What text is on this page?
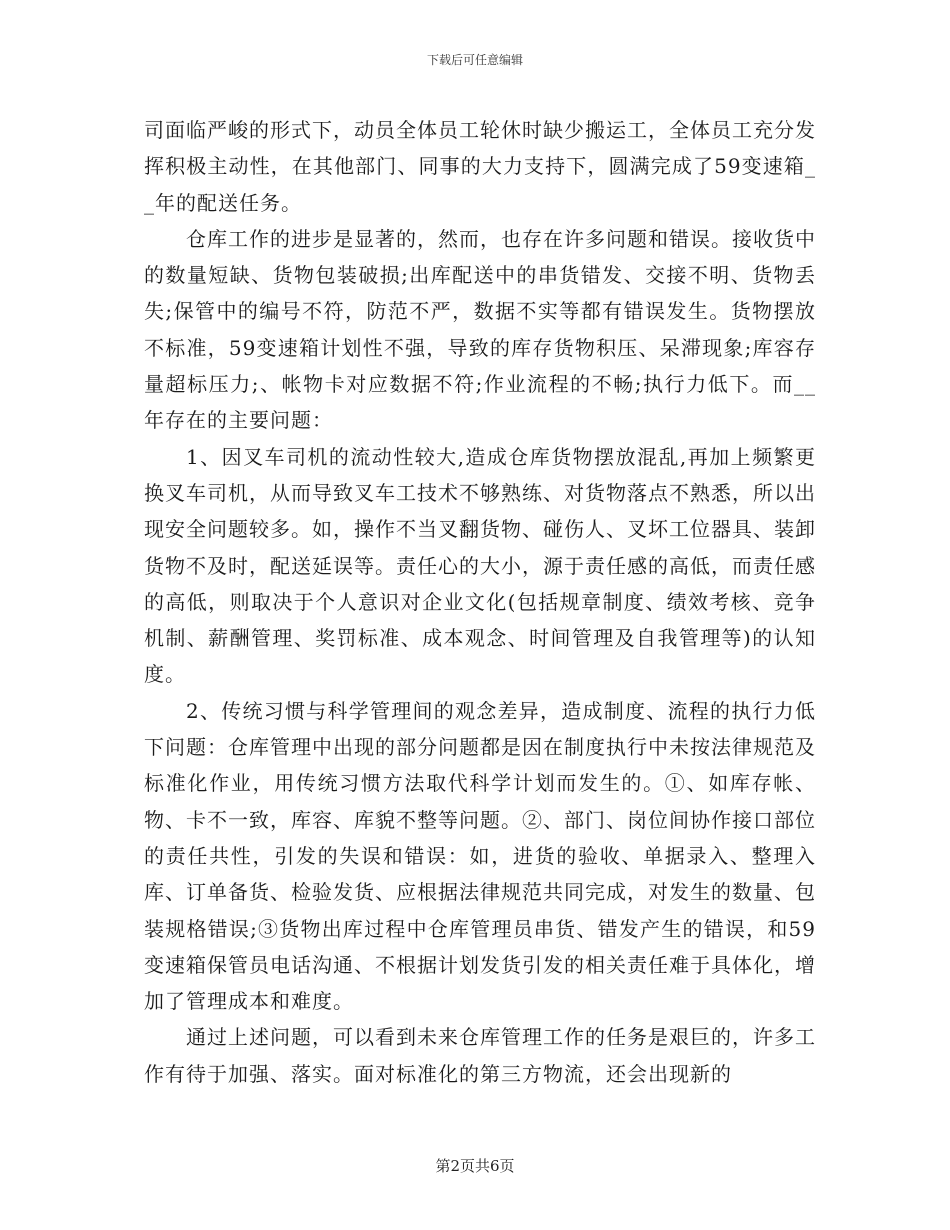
下载后可任意编辑

司面临严峻的形式下，动员全体员工轮休时缺少搬运工，全体员工充分发挥积极主动性，在其他部门、同事的大力支持下，圆满完成了59变速箱__年的配送任务。

仓库工作的进步是显著的，然而，也存在许多问题和错误。接收货中的数量短缺、货物包装破损;出库配送中的串货错发、交接不明、货物丢失;保管中的编号不符，防范不严，数据不实等都有错误发生。货物摆放不标准，59变速箱计划性不强，导致的库存货物积压、呆滞现象;库容存量超标压力;、帐物卡对应数据不符;作业流程的不畅;执行力低下。而__年存在的主要问题：

1、因叉车司机的流动性较大,造成仓库货物摆放混乱,再加上频繁更换叉车司机，从而导致叉车工技术不够熟练、对货物落点不熟悉，所以出现安全问题较多。如，操作不当叉翻货物、碰伤人、叉坏工位器具、装卸货物不及时，配送延误等。责任心的大小，源于责任感的高低，而责任感的高低，则取决于个人意识对企业文化(包括规章制度、绩效考核、竞争机制、薪酬管理、奖罚标准、成本观念、时间管理及自我管理等)的认知度。

2、传统习惯与科学管理间的观念差异，造成制度、流程的执行力低下问题：仓库管理中出现的部分问题都是因在制度执行中未按法律规范及标准化作业，用传统习惯方法取代科学计划而发生的。①、如库存帐、物、卡不一致，库容、库貌不整等问题。②、部门、岗位间协作接口部位的责任共性，引发的失误和错误：如，进货的验收、单据录入、整理入库、订单备货、检验发货、应根据法律规范共同完成，对发生的数量、包装规格错误;③货物出库过程中仓库管理员串货、错发产生的错误，和59变速箱保管员电话沟通、不根据计划发货引发的相关责任难于具体化，增加了管理成本和难度。

通过上述问题，可以看到未来仓库管理工作的任务是艰巨的，许多工作有待于加强、落实。面对标准化的第三方物流，还会出现新的

第2页共6页
